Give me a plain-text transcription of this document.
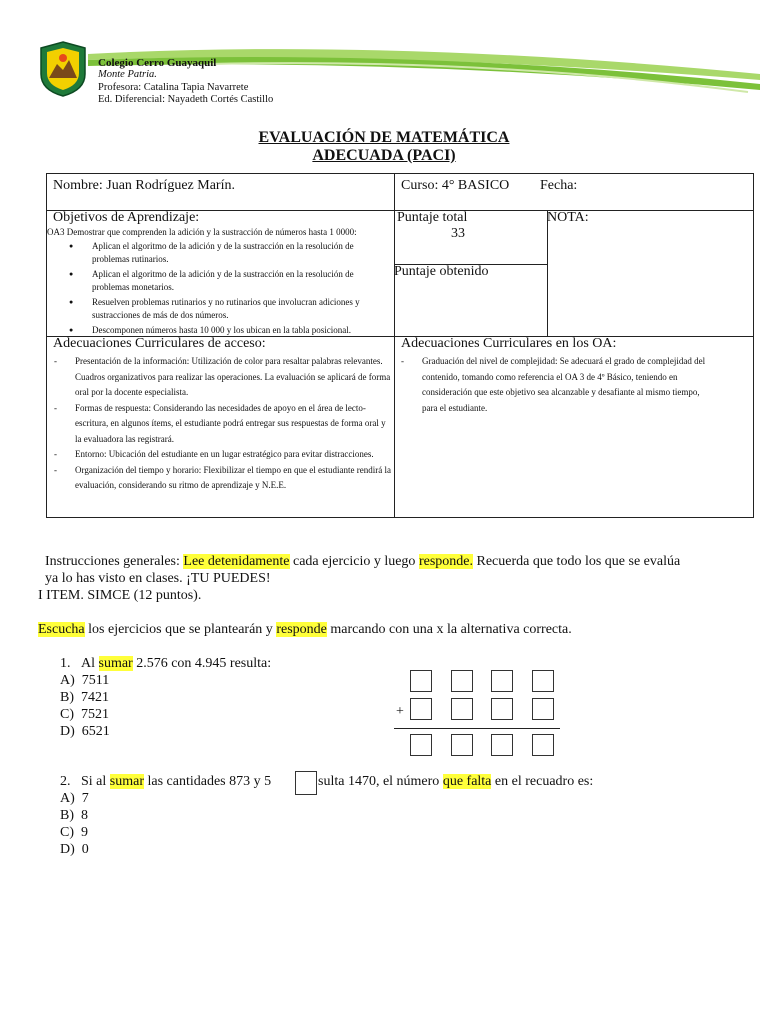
Colegio Cerro Guayaquil
Monte Patria.
Profesora: Catalina Tapia Navarrete
Ed. Diferencial: Nayadeth Cortés Castillo
EVALUACIÓN DE MATEMÁTICA
ADECUADA (PACI)
Nombre: Juan Rodríguez Marín.	Curso: 4° BASICO Fecha:
Objetivos de Aprendizaje:
OA3 Demostrar que comprenden la adición y la sustracción de números hasta 1 0000:
● Aplican el algoritmo de la adición y de la sustracción en la resolución de problemas rutinarios.
● Aplican el algoritmo de la adición y de la sustracción en la resolución de problemas monetarios.
● Resuelven problemas rutinarios y no rutinarios que involucran adiciones y sustracciones de más de dos números.
● Descomponen números hasta 10 000 y los ubican en la tabla posicional.
Puntaje total
33
Puntaje obtenido
NOTA:
Adecuaciones Curriculares de acceso:
- Presentación de la información: Utilización de color para resaltar palabras relevantes. Cuadros organizativos para realizar las operaciones. La evaluación se aplicará de forma oral por la docente especialista.
- Formas de respuesta: Considerando las necesidades de apoyo en el área de lecto-escritura, en algunos ítems, el estudiante podrá entregar sus respuestas de forma oral y la evaluadora las registrará.
- Entorno: Ubicación del estudiante en un lugar estratégico para evitar distracciones.
- Organización del tiempo y horario: Flexibilizar el tiempo en que el estudiante rendirá la evaluación, considerando su ritmo de aprendizaje y N.E.E.
Adecuaciones Curriculares en los OA:
- Graduación del nivel de complejidad: Se adecuará el grado de complejidad del contenido, tomando como referencia el OA 3 de 4º Básico, teniendo en consideración que este objetivo sea alcanzable y desafiante al mismo tiempo, para el estudiante.
Instrucciones generales: Lee detenidamente cada ejercicio y luego responde. Recuerda que todo los que se evalúa
ya lo has visto en clases. ¡TU PUEDES!
I ITEM. SIMCE (12 puntos).
Escucha los ejercicios que se plantearán y responde marcando con una x la alternativa correcta.
1. Al sumar 2.576 con 4.945 resulta:
A) 7511
B) 7421
C) 7521
D) 6521
+
2. Si al sumar las cantidades 873 y 5	sulta 1470, el número que falta en el recuadro es:
A) 7
B) 8
C) 9
D) 0
